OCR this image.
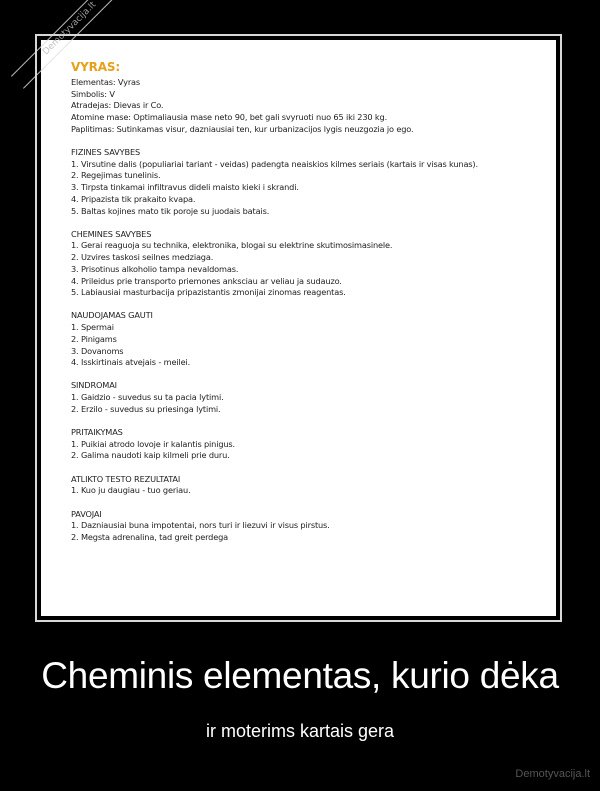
Demotyvacija.lt
VYRAS:
Elementas: Vyras
Simbolis: V
Atradejas: Dievas ir Co.
Atomine mase: Optimaliausia mase neto 90, bet gali svyruoti nuo 65 iki 230 kg.
Paplitimas: Sutinkamas visur, dazniausiai ten, kur urbanizacijos lygis neuzgozia jo ego.
FIZINES SAVYBES
1. Virsutine dalis (populiariai tariant - veidas) padengta neaiskios kilmes seriais (kartais ir visas kunas).
2. Regejimas tunelinis.
3. Tirpsta tinkamai infiltravus dideli maisto kieki i skrandi.
4. Pripazista tik prakaito kvapa.
5. Baltas kojines mato tik poroje su juodais batais.
CHEMINES SAVYBES
1. Gerai reaguoja su technika, elektronika, blogai su elektrine skutimosimasinele.
2. Uzvires taskosi seilnes medziaga.
3. Prisotinus alkoholio tampa nevaldomas.
4. Prileidus prie transporto priemones anksciau ar veliau ja sudauzo.
5. Labiausiai masturbacija pripazistantis zmonijai zinomas reagentas.
NAUDOJAMAS GAUTI
1. Spermai
2. Pinigams
3. Dovanoms
4. Isskirtinais atvejais - meilei.
SINDROMAI
1. Gaidzio - suvedus su ta pacia lytimi.
2. Erzilo - suvedus su priesinga lytimi.
PRITAIKYMAS
1. Puikiai atrodo lovoje ir kalantis pinigus.
2. Galima naudoti kaip kilmeli prie duru.
ATLIKTO TESTO REZULTATAI
1. Kuo ju daugiau - tuo geriau.
PAVOJAI
1. Dazniausiai buna impotentai, nors turi ir liezuvi ir visus pirstus.
2. Megsta adrenalina, tad greit perdega
Cheminis elementas, kurio dėka
ir moterims kartais gera
Demotyvacija.lt
